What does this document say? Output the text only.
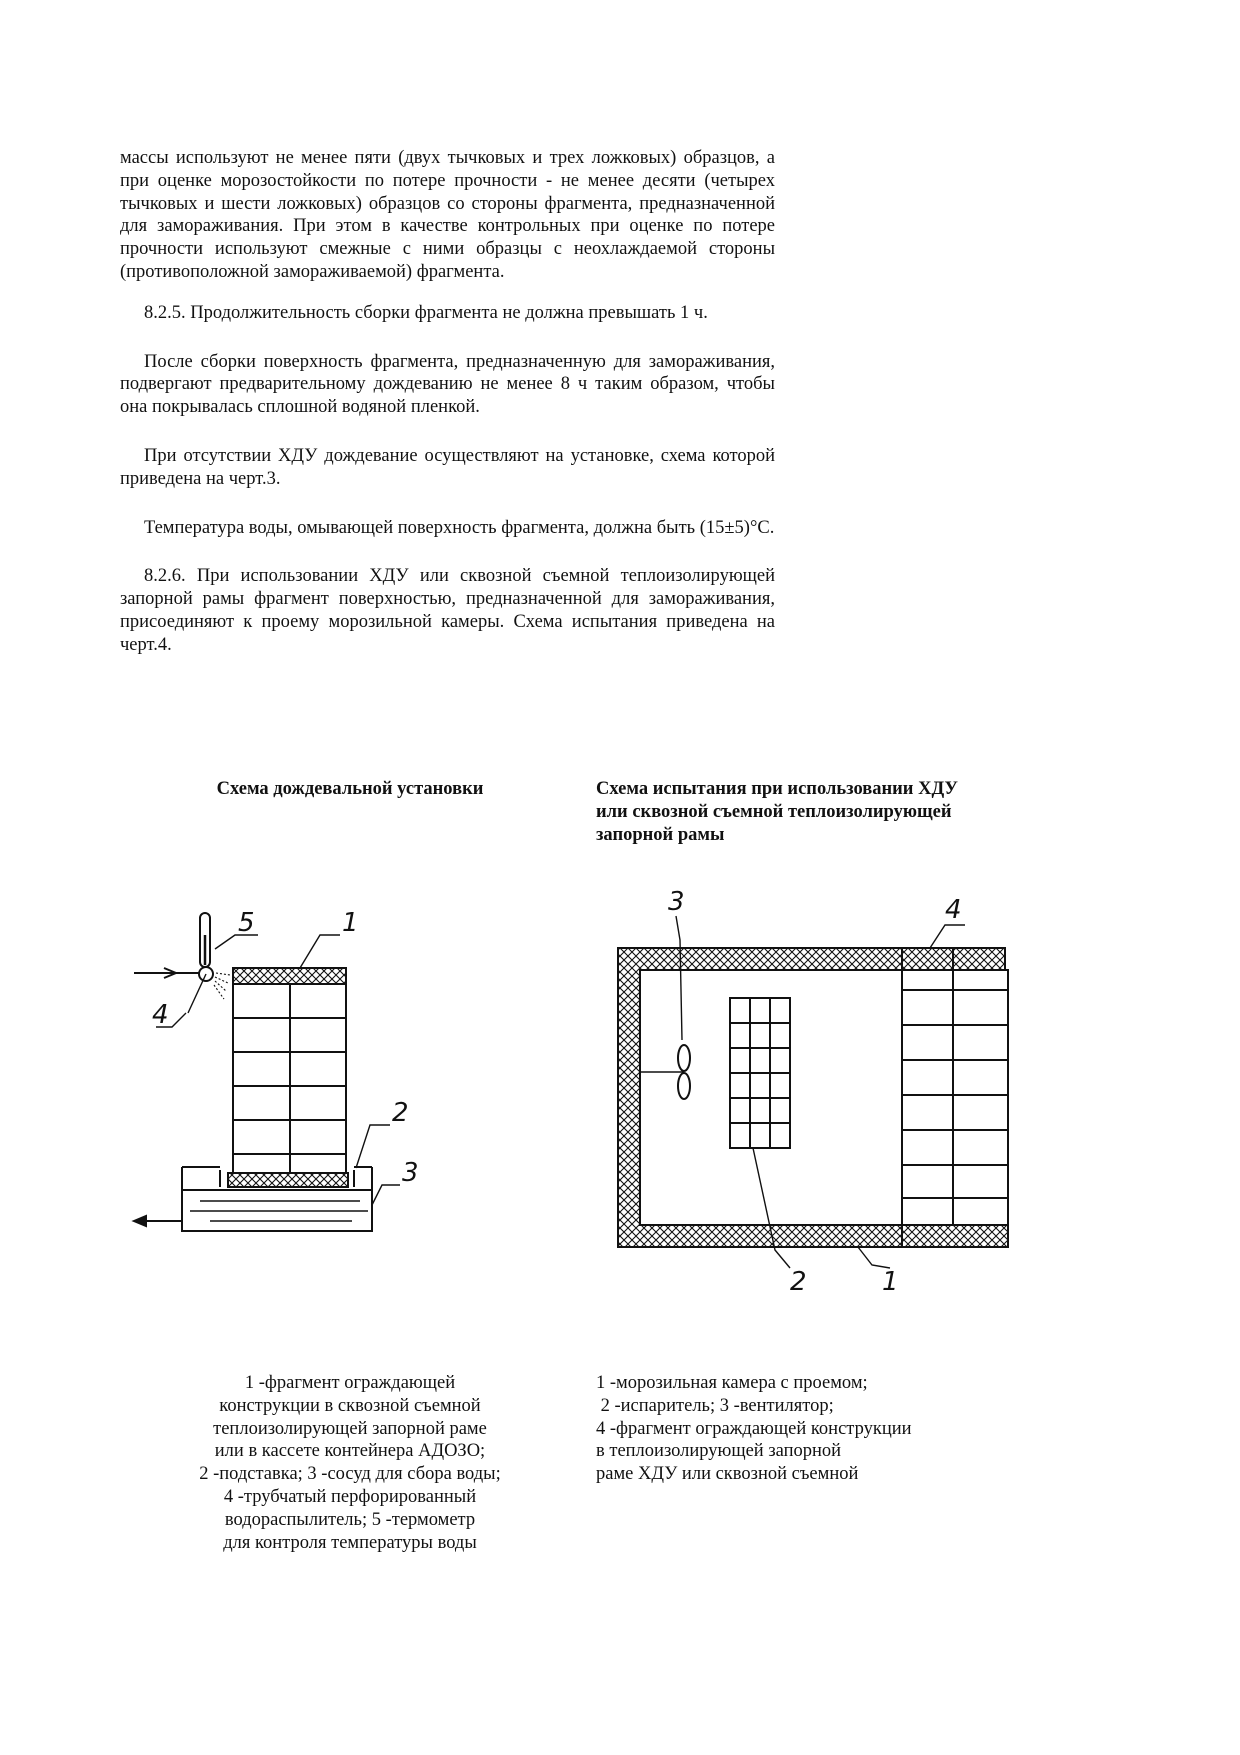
массы используют не менее пяти (двух тычковых и трех ложковых) образцов, а при оценке морозостойкости по потере прочности - не менее десяти (четырех тычковых и шести ложковых) образцов со стороны фрагмента, предназначенной для замораживания. При этом в качестве контрольных при оценке по потере прочности используют смежные с ними образцы с неохлаждаемой стороны (противоположной замораживаемой) фрагмента.

8.2.5. Продолжительность сборки фрагмента не должна превышать 1 ч.

После сборки поверхность фрагмента, предназначенную для замораживания, подвергают предварительному дождеванию не менее 8 ч таким образом, чтобы она покрывалась сплошной водяной пленкой.

При отсутствии ХДУ дождевание осуществляют на установке, схема которой приведена на черт.3.

Температура воды, омывающей поверхность фрагмента, должна быть (15±5)°С.

8.2.6. При использовании ХДУ или сквозной съемной теплоизолирующей запорной рамы фрагмент поверхностью, предназначенной для замораживания, присоединяют к проему морозильной камеры. Схема испытания приведена на черт.4.

Схема дождевальной установки	Схема испытания при использовании ХДУ
или сквозной съемной теплоизолирующей
запорной рамы
5	1
2
3
4
3	4
2	1
1 -фрагмент ограждающей
конструкции в сквозной съемной
теплоизолирующей запорной раме
или в кассете контейнера АДОЗО;
2 -подставка; 3 -сосуд для сбора воды;
4 -трубчатый перфорированный
водораспылитель; 5 -термометр
для контроля температуры воды
1 -морозильная камера с проемом;
2 -испаритель; 3 -вентилятор;
4 -фрагмент ограждающей конструкции
в теплоизолирующей запорной
раме ХДУ или сквозной съемной
